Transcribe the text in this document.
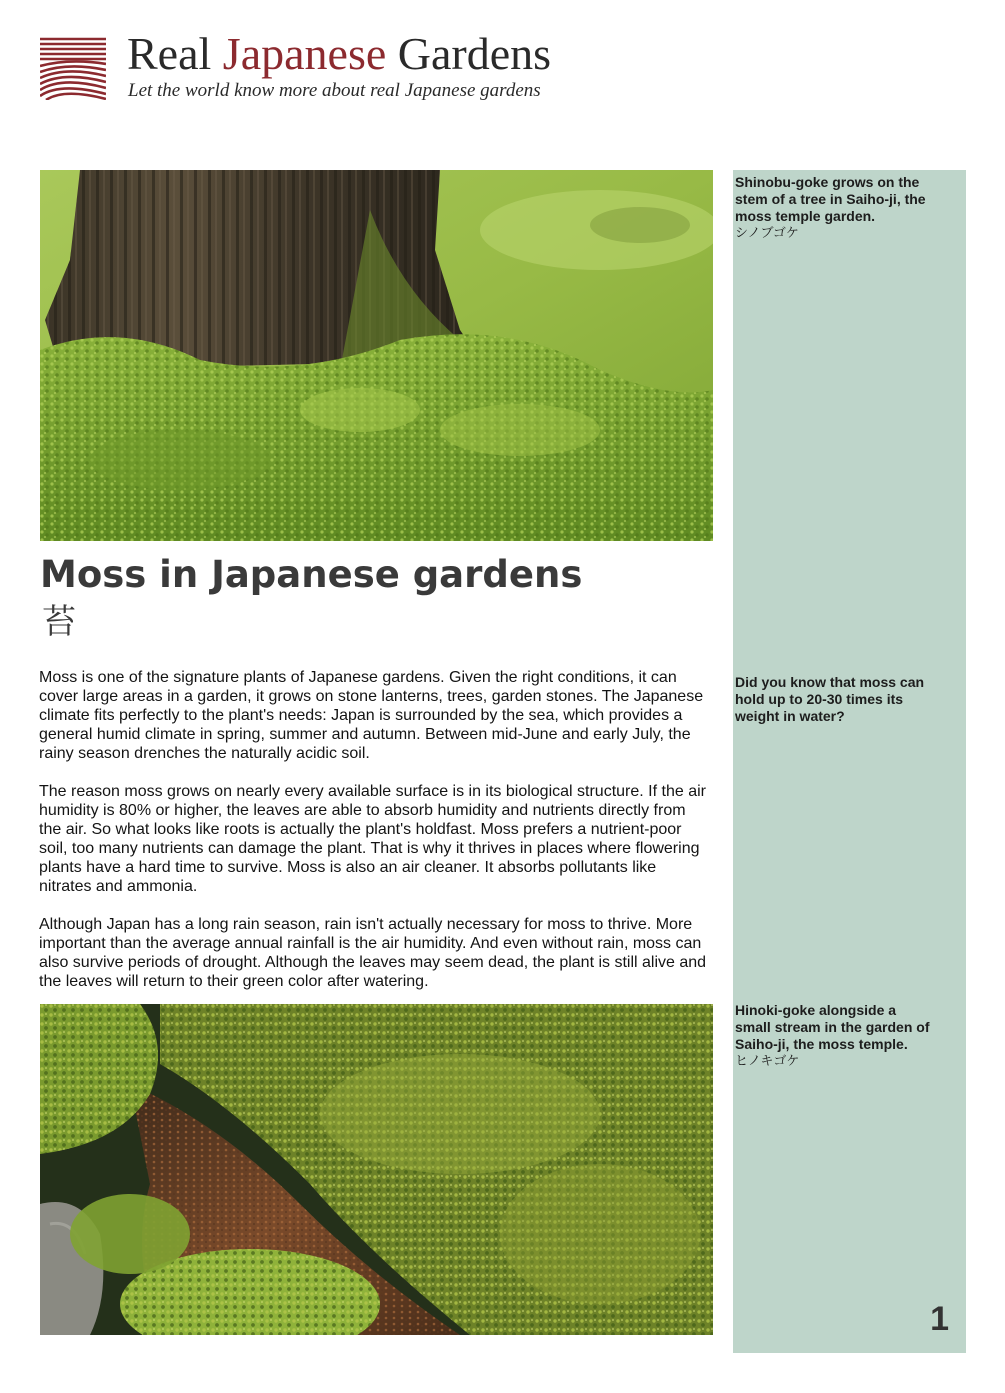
Real Japanese Gardens
Let the world know more about real Japanese gardens
Moss in Japanese gardens
苔

Moss is one of the signature plants of Japanese gardens. Given the right conditions, it can cover large areas in a garden, it grows on stone lanterns, trees, garden stones. The Japanese climate fits perfectly to the plant's needs: Japan is surrounded by the sea, which provides a general humid climate in spring, summer and autumn. Between mid-June and early July, the rainy season drenches the naturally acidic soil.

The reason moss grows on nearly every available surface is in its biological structure. If the air humidity is 80% or higher, the leaves are able to absorb humidity and nutrients directly from the air. So what looks like roots is actually the plant's holdfast. Moss prefers a nutrient-poor soil, too many nutrients can damage the plant. That is why it thrives in places where flowering plants have a hard time to survive. Moss is also an air cleaner. It absorbs pollutants like nitrates and ammonia.

Although Japan has a long rain season, rain isn't actually necessary for moss to thrive. More important than the average annual rainfall is the air humidity. And even without rain, moss can also survive periods of drought. Although the leaves may seem dead, the plant is still alive and the leaves will return to their green color after watering.

Shinobu-goke grows on the stem of a tree in Saiho-ji, the moss temple garden.
シノブゴケ
Did you know that moss can hold up to 20-30 times its weight in water?
Hinoki-goke alongside a small stream in the garden of Saiho-ji, the moss temple.
ヒノキゴケ
1
